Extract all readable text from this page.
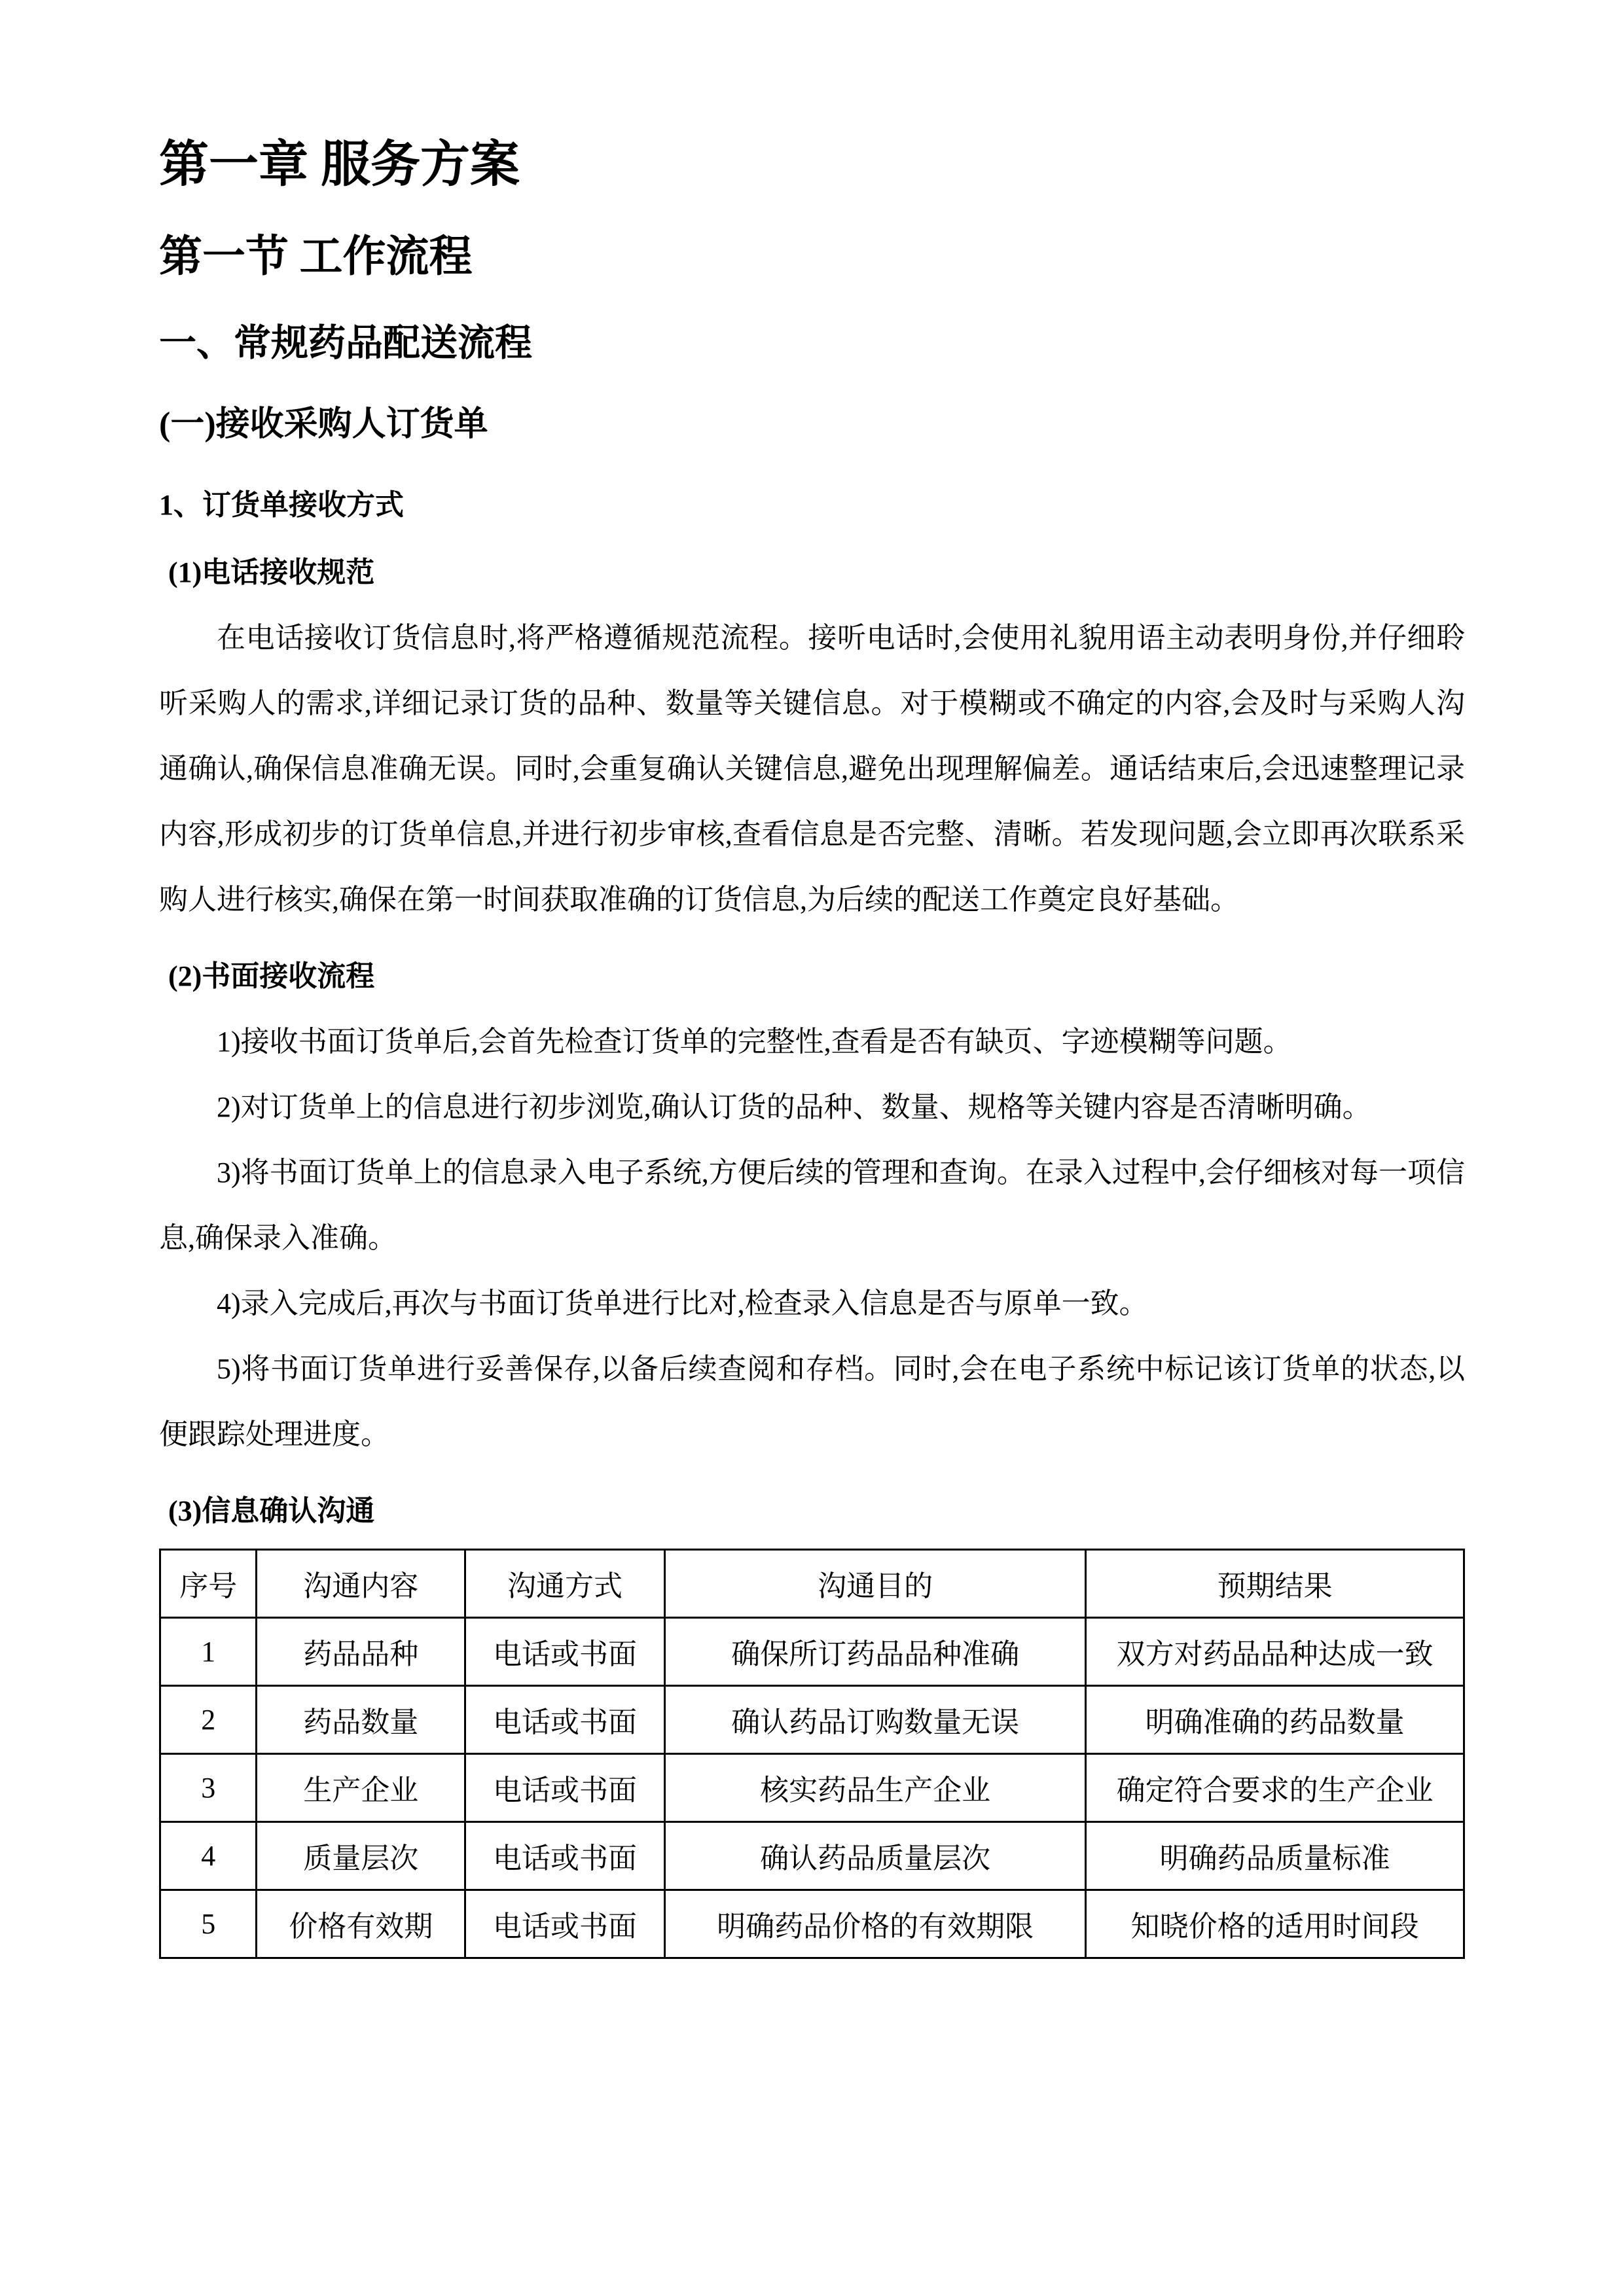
第一章 服务方案
第一节 工作流程
一、常规药品配送流程
(一)接收采购人订货单
1、订货单接收方式
(1)电话接收规范

在电话接收订货信息时,将严格遵循规范流程。接听电话时,会使用礼貌用语主动表明身份,并仔细聆听采购人的需求,详细记录订货的品种、数量等关键信息。对于模糊或不确定的内容,会及时与采购人沟通确认,确保信息准确无误。同时,会重复确认关键信息,避免出现理解偏差。通话结束后,会迅速整理记录内容,形成初步的订货单信息,并进行初步审核,查看信息是否完整、清晰。若发现问题,会立即再次联系采购人进行核实,确保在第一时间获取准确的订货信息,为后续的配送工作奠定良好基础。

(2)书面接收流程

1)接收书面订货单后,会首先检查订货单的完整性,查看是否有缺页、字迹模糊等问题。

2)对订货单上的信息进行初步浏览,确认订货的品种、数量、规格等关键内容是否清晰明确。

3)将书面订货单上的信息录入电子系统,方便后续的管理和查询。在录入过程中,会仔细核对每一项信息,确保录入准确。

4)录入完成后,再次与书面订货单进行比对,检查录入信息是否与原单一致。

5)将书面订货单进行妥善保存,以备后续查阅和存档。同时,会在电子系统中标记该订货单的状态,以便跟踪处理进度。

(3)信息确认沟通
序号	沟通内容	沟通方式	沟通目的	预期结果
1	药品品种	电话或书面	确保所订药品品种准确	双方对药品品种达成一致
2	药品数量	电话或书面	确认药品订购数量无误	明确准确的药品数量
3	生产企业	电话或书面	核实药品生产企业	确定符合要求的生产企业
4	质量层次	电话或书面	确认药品质量层次	明确药品质量标准
5	价格有效期	电话或书面	明确药品价格的有效期限	知晓价格的适用时间段
